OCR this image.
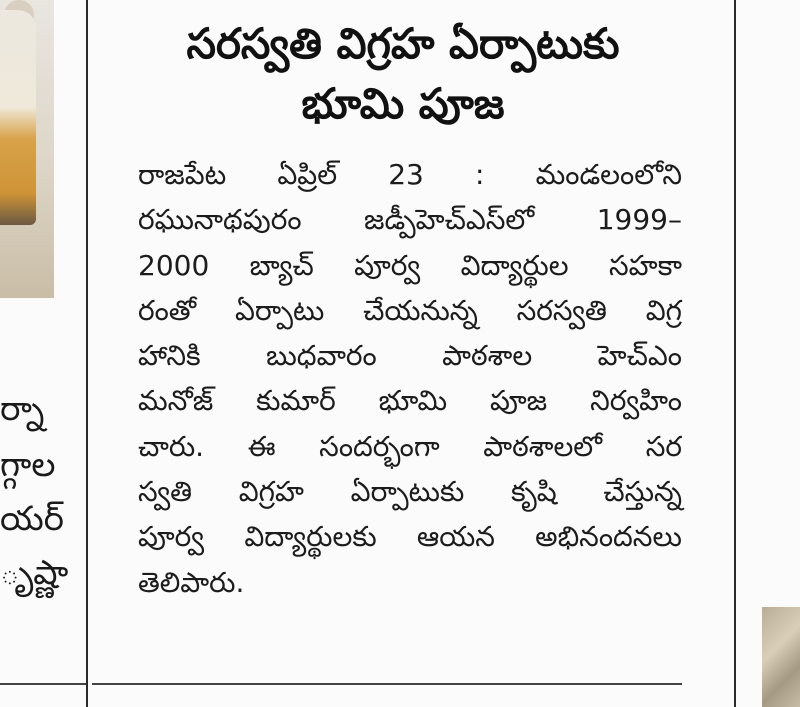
ర్నా
గ్గాల
యర్
ృష్ణా
సరస్వతి విగ్రహ ఏర్పాటుకు
భూమి పూజ
రాజపేట ఏప్రిల్ 23 : మండలంలోని
రఘునాథపురం జడ్పీహెచ్ఎస్‌లో 1999–
2000 బ్యాచ్ పూర్వ విద్యార్థుల సహకా
రంతో ఏర్పాటు చేయనున్న సరస్వతి విగ్ర
హానికి బుధవారం పాఠశాల హెచ్ఎం
మనోజ్ కుమార్ భూమి పూజ నిర్వహిం
చారు. ఈ సందర్భంగా పాఠశాలలో సర
స్వతి విగ్రహ ఏర్పాటుకు కృషి చేస్తున్న
పూర్వ విద్యార్థులకు ఆయన అభినందనలు
తెలిపారు.
